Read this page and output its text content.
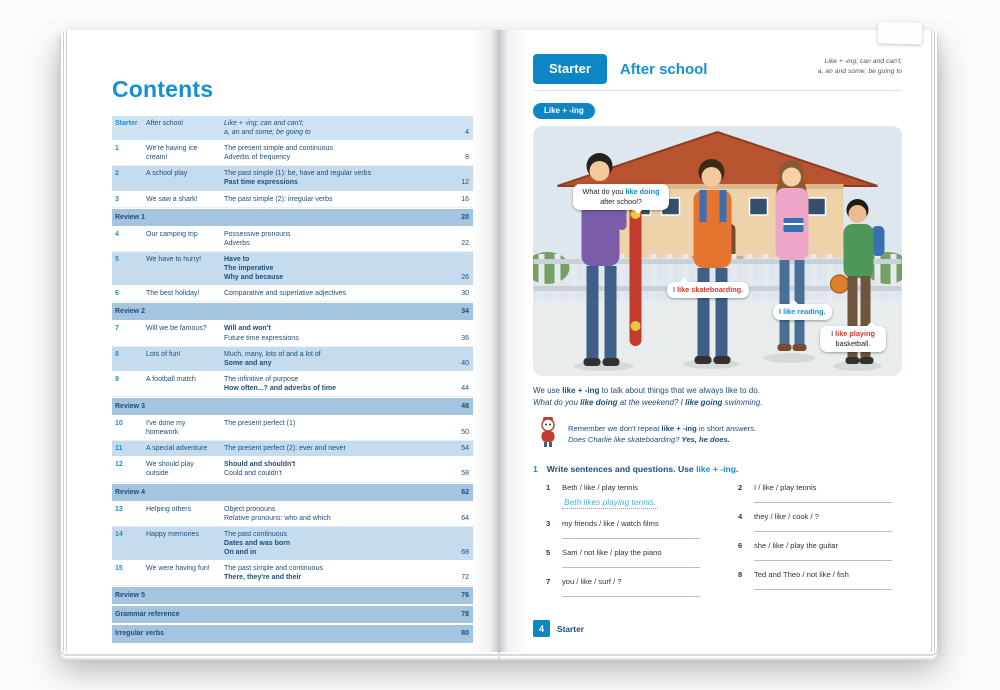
Contents
Starter	After school	Like + -ing; can and can't;
a, an and some; be going to	4
1	We're having ice cream!
The present simple and continuous
Adverbs of frequency	8
2	A school play	The past simple (1): be, have and regular verbs
Past time expressions	12
3	We saw a shark!	The past simple (2): irregular verbs	16
Review 1	20
4	Our camping trip	Possessive pronouns
Adverbs	22
5	We have to hurry!	Have to
The imperative
Why and because	26
6	The best holiday!	Comparative and superlative adjectives	30
Review 2	34
7	Will we be famous?	Will and won't
Future time expressions	36
8	Lots of fun!	Much, many, lots of and a lot of
Some and any	40
9	A football match	The infinitive of purpose
How often...? and adverbs of time	44
Review 3	48
10	I've done my homework
The present perfect (1)
50
11	A special adventure	The present perfect (2): ever and never	54
12	We should play outside
Should and shouldn't
Could and couldn't	58
Review 4	62
13	Helping others	Object pronouns
Relative pronouns: who and which	64
14	Happy memories	The past continuous
Dates and was born
On and in	68
15	We were having fun!	The past simple and continuous
There, they're and their	72
Review 5	76
Grammar reference	78
Irregular verbs	80
Starter	After school	Like + -ing; can and can't;
a, an and some; be going to
Like + -ing
What do you like doing after school?
I like skateboarding.
I like reading.
I like playing basketball.
We use like + -ing to talk about things that we always like to do.
What do you like doing at the weekend? I like going swimming.
Remember we don't repeat like + -ing in short answers.
Does Charlie like skateboarding? Yes, he does.
1 Write sentences and questions. Use like + -ing.
1	Beth / like / play tennis
Beth likes playing tennis.
3	my friends / like / watch films
5	Sam / not like / play the piano
7	you / like / surf / ?
2	I / like / play tennis
4	they / like / cook / ?
6	she / like / play the guitar
8	Ted and Theo / not like / fish
4	Starter
